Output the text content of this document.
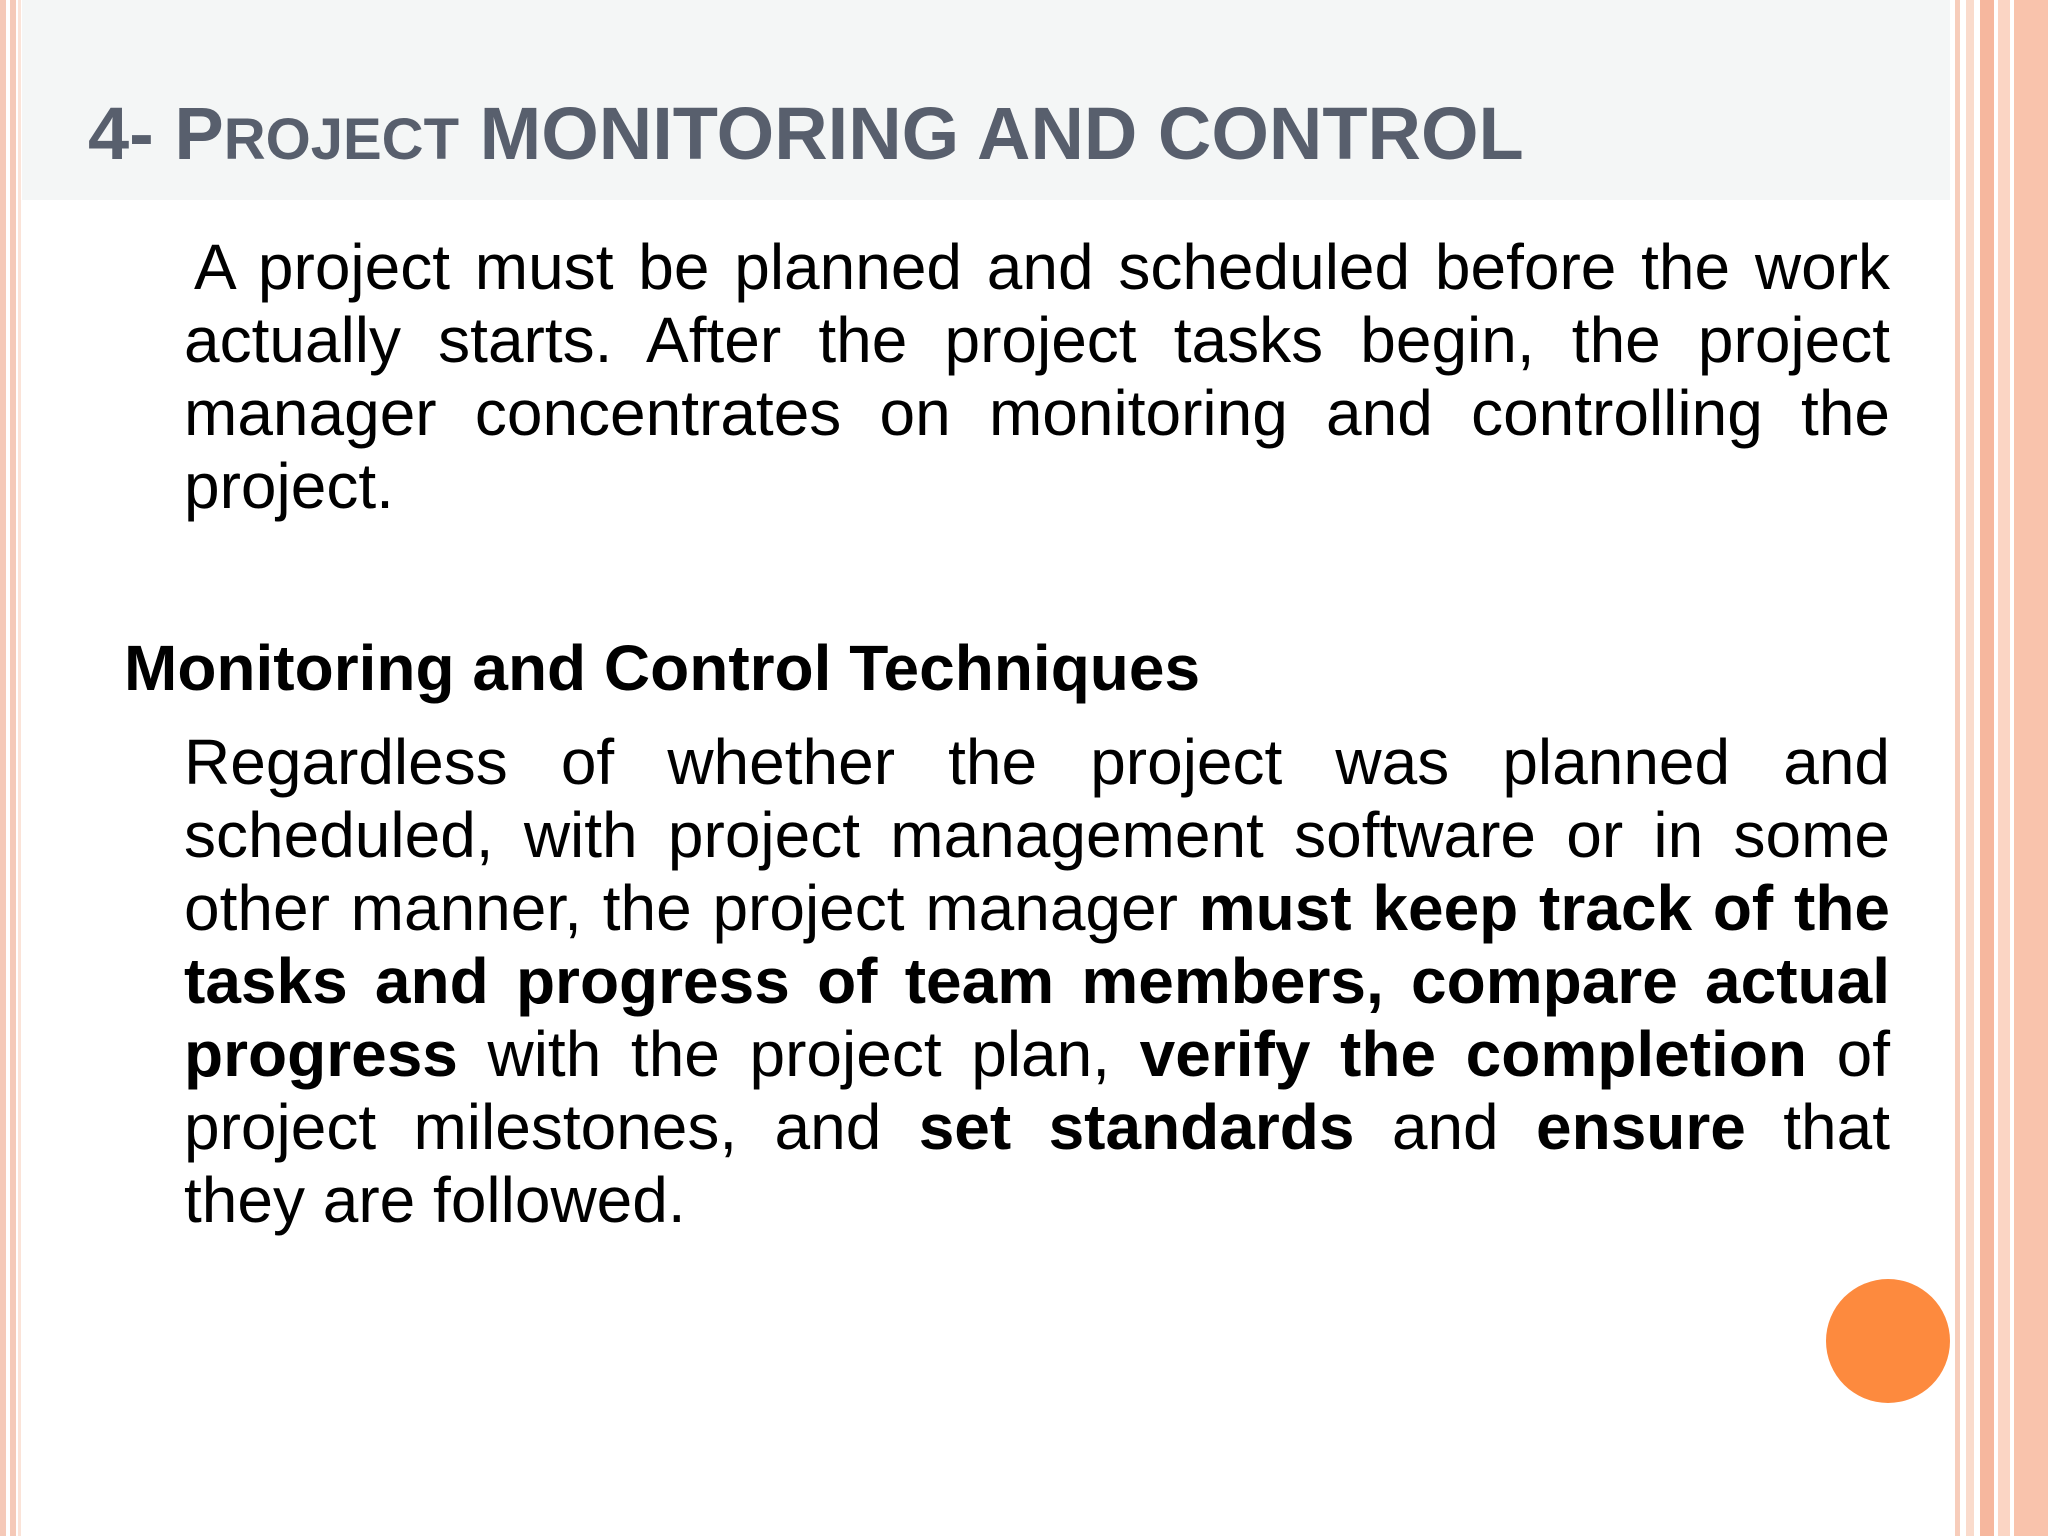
4- PROJECT MONITORING AND CONTROL

A project must be planned and scheduled before the work actually starts. After the project tasks begin, the project manager concentrates on monitoring and controlling the project.

Monitoring and Control Techniques

Regardless of whether the project was planned and scheduled, with project management software or in some other manner, the project manager must keep track of the tasks and progress of team members, compare actual progress with the project plan, verify the completion of project milestones, and set standards and ensure that they are followed.
